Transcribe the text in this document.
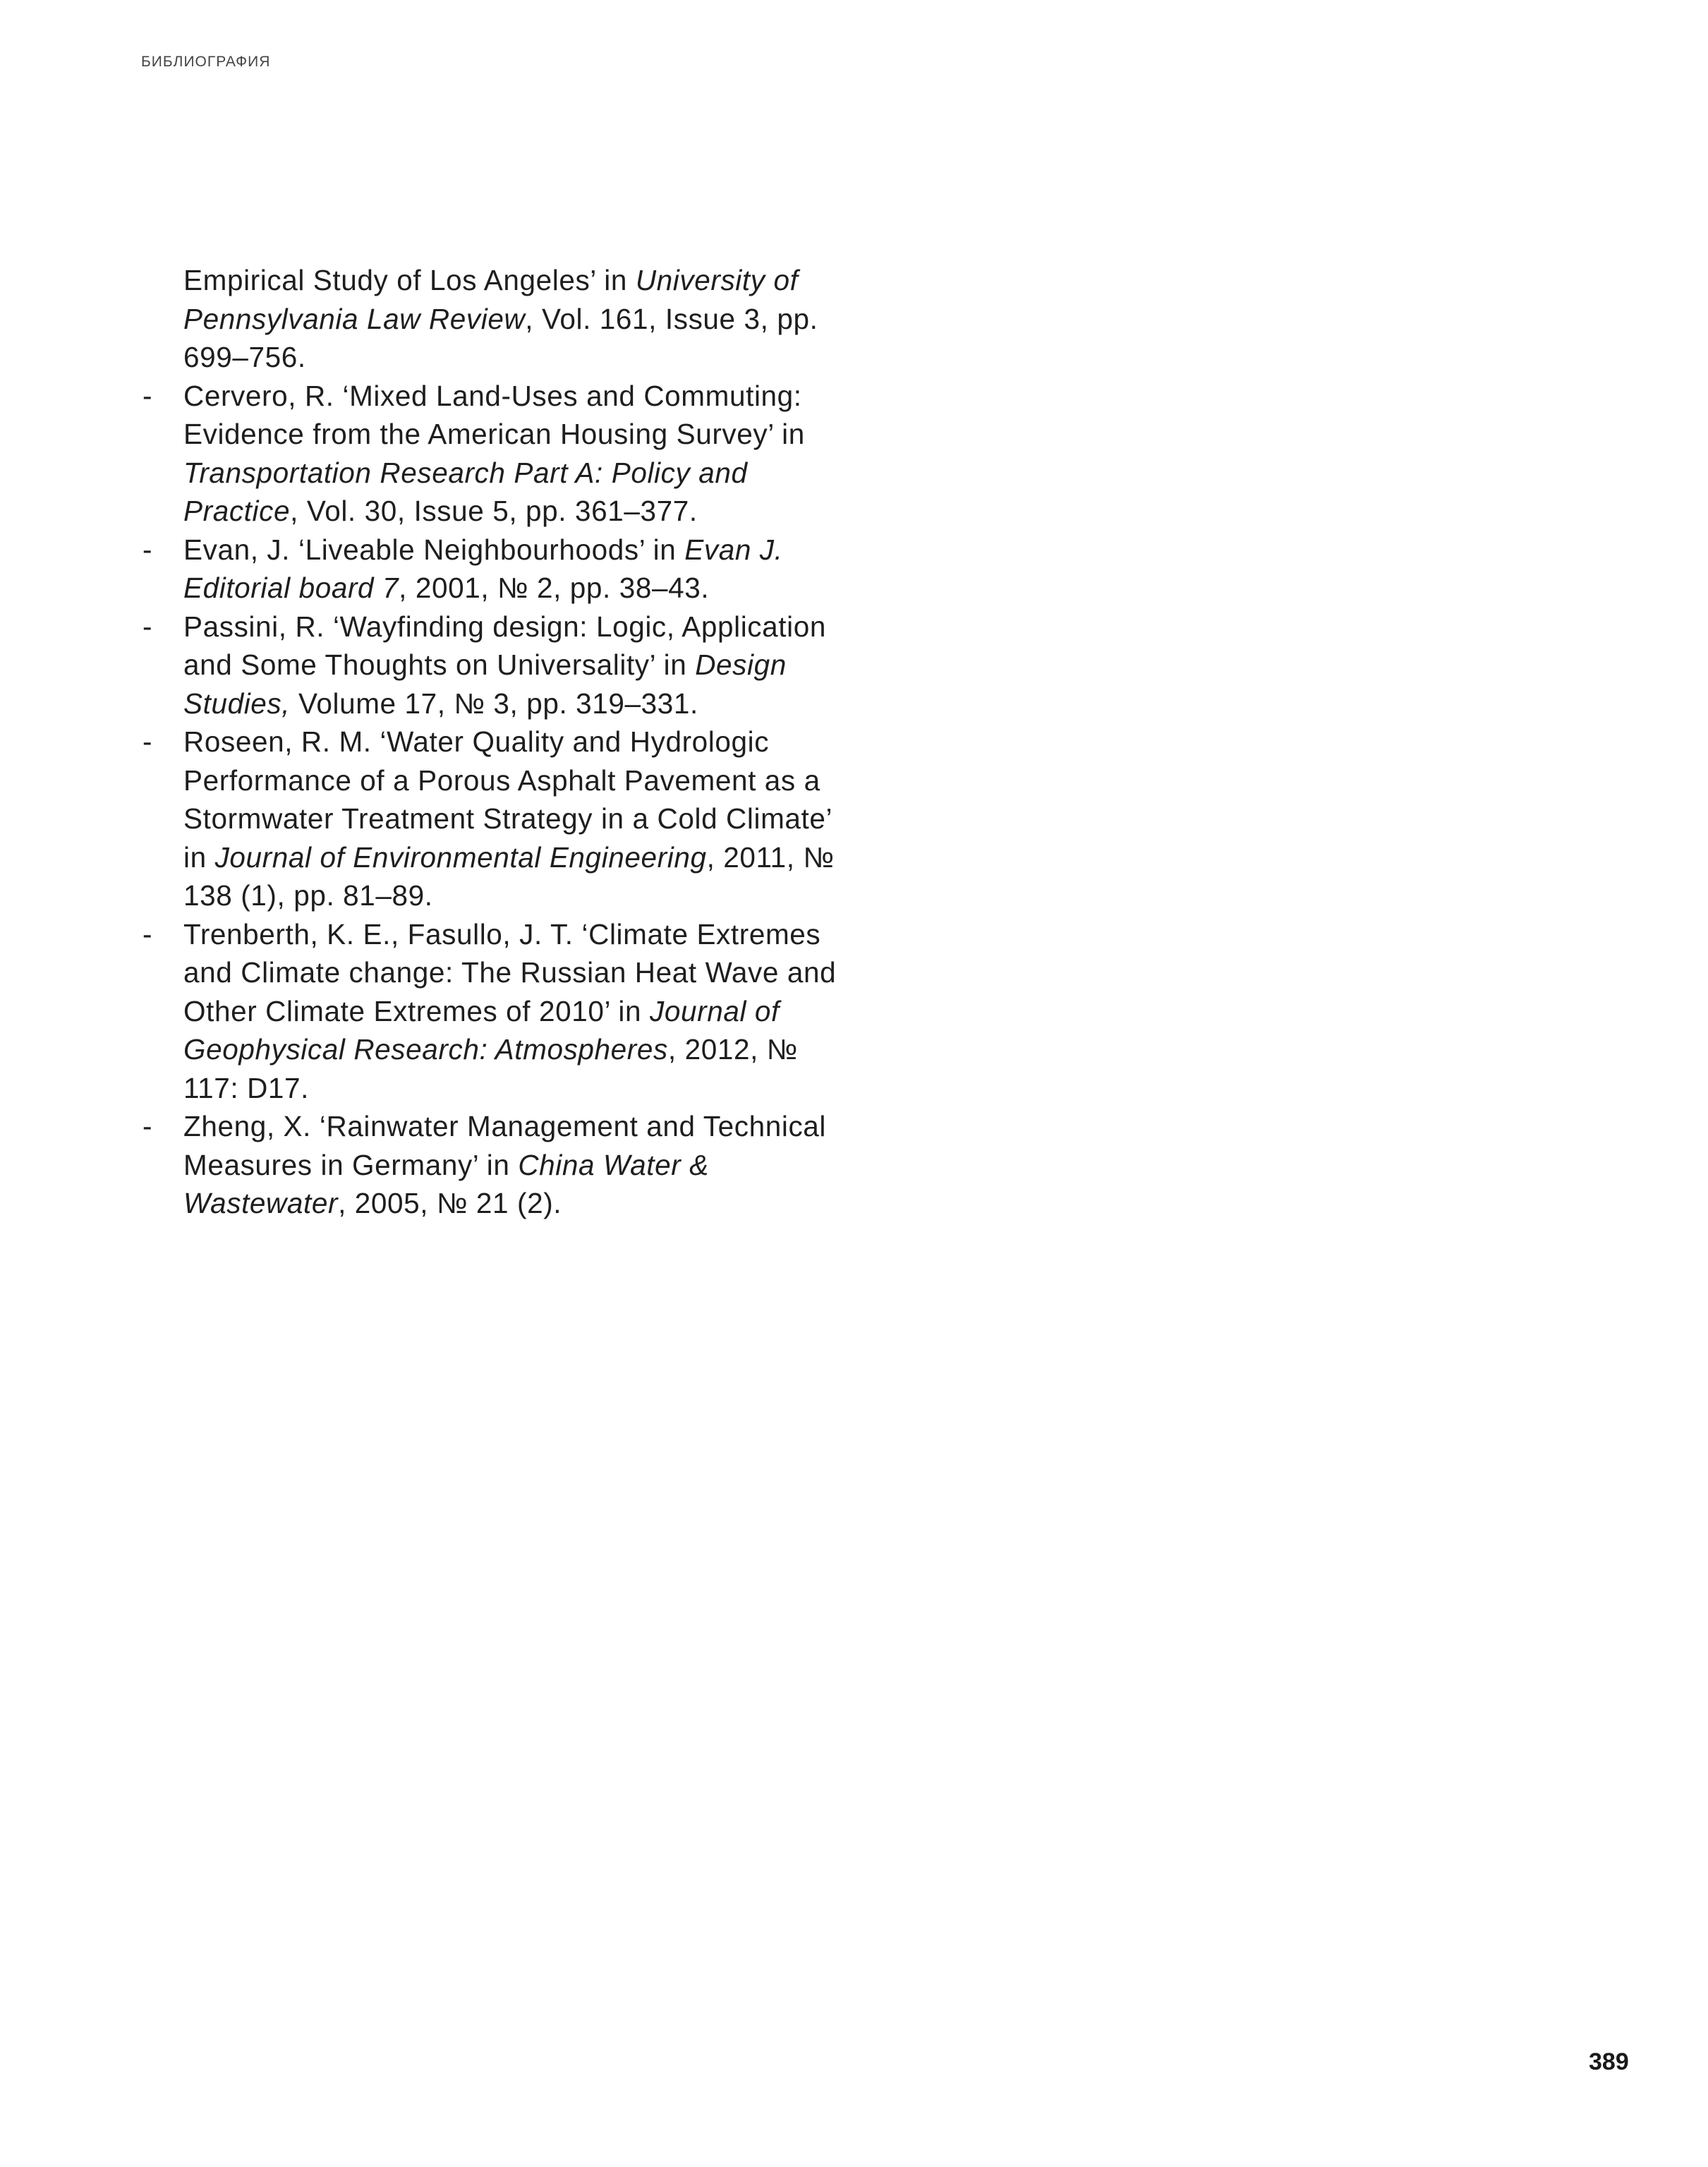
БИБЛИОГРАФИЯ
Empirical Study of Los Angeles’ in University of Pennsylvania Law Review, Vol. 161, Issue 3, pp. 699–756.
- Cervero, R. ‘Mixed Land-Uses and Commuting: Evidence from the American Housing Survey’ in Transportation Research Part A: Policy and Practice, Vol. 30, Issue 5, pp. 361–377.
- Evan, J. ‘Liveable Neighbourhoods’ in Evan J. Editorial board 7, 2001, № 2, pp. 38–43.
- Passini, R. ‘Wayfinding design: Logic, Application and Some Thoughts on Universality’ in Design Studies, Volume 17, № 3, pp. 319–331.
- Roseen, R. M. ‘Water Quality and Hydrologic Performance of a Porous Asphalt Pavement as a Stormwater Treatment Strategy in a Cold Climate’ in Journal of Environmental Engineering, 2011, № 138 (1), pp. 81–89.
- Trenberth, K. E., Fasullo, J. T. ‘Climate Extremes and Climate change: The Russian Heat Wave and Other Climate Extremes of 2010’ in Journal of Geophysical Research: Atmospheres, 2012, № 117: D17.
- Zheng, X. ‘Rainwater Management and Technical Measures in Germany’ in China Water & Wastewater, 2005, № 21 (2).
389
